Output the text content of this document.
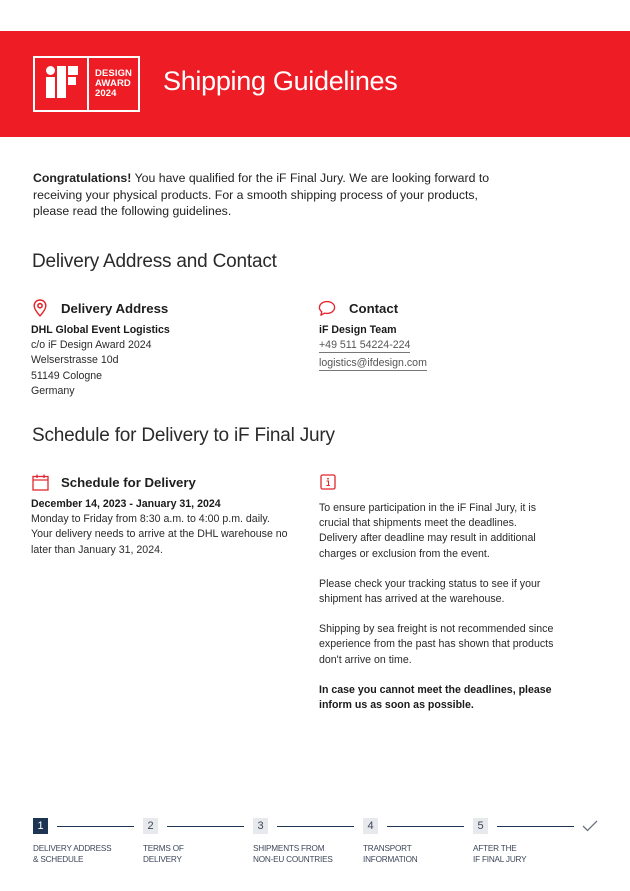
DESIGN
AWARD
2024	Shipping Guidelines

Congratulations! You have qualified for the iF Final Jury. We are looking forward to receiving your physical products. For a smooth shipping process of your products, please read the following guidelines.

Delivery Address and Contact
Delivery Address
DHL Global Event Logistics
c/o iF Design Award 2024
Welserstrasse 10d
51149 Cologne
Germany
Contact
iF Design Team
+49 511 54224-224
logistics@ifdesign.com
Schedule for Delivery to iF Final Jury
Schedule for Delivery
December 14, 2023 - January 31, 2024
Monday to Friday from 8:30 a.m. to 4:00 p.m. daily.
Your delivery needs to arrive at the DHL warehouse no later than January 31, 2024.

To ensure participation in the iF Final Jury, it is crucial that shipments meet the deadlines. Delivery after deadline may result in additional charges or exclusion from the event.

Please check your tracking status to see if your shipment has arrived at the warehouse.

Shipping by sea freight is not recommended since experience from the past has shown that products don't arrive on time.

In case you cannot meet the deadlines, please inform us as soon as possible.

1
DELIVERY ADDRESS
& SCHEDULE
2
TERMS OF
DELIVERY
3
SHIPMENTS FROM
NON-EU COUNTRIES
4
TRANSPORT
INFORMATION
5
AFTER THE
IF FINAL JURY
